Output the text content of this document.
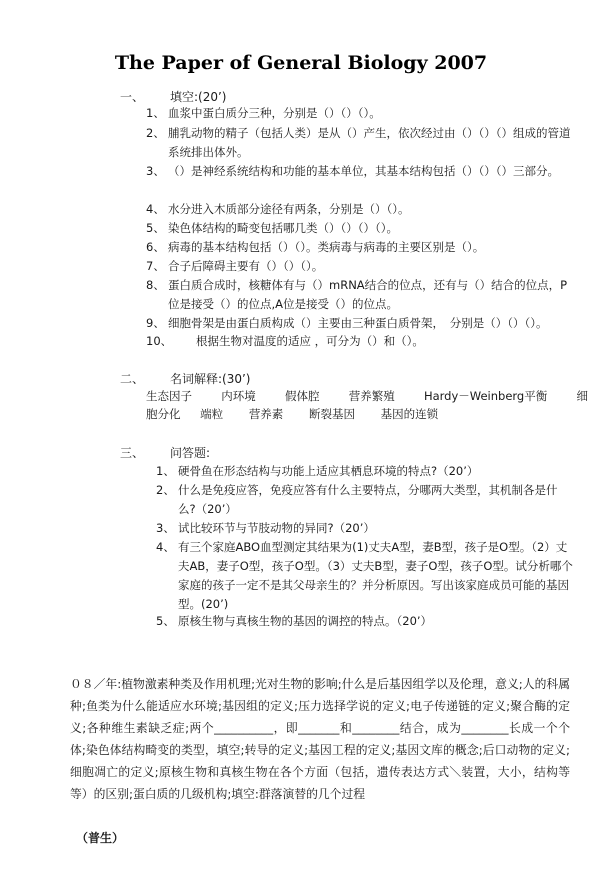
The Paper of General Biology 2007
一、 填空:(20’)
1、 血浆中蛋白质分三种，分别是（）（）（）。
2、 脯乳动物的精子（包括人类）是从（）产生，依次经过由（）（）（）组成的管道系统排出体外。
3、 （）是神经系统结构和功能的基本单位，其基本结构包括（）（）（）三部分。
4、 水分进入木质部分途径有两条，分别是（）（）。
5、 染色体结构的畸变包括哪几类（）（）（）（）。
6、 病毒的基本结构包括（）（）。类病毒与病毒的主要区别是（）。
7、 合子后障碍主要有（）（）（）。
8、 蛋白质合成时，核糖体有与（）mRNA结合的位点，还有与（）结合的位点，P位是接受（）的位点,A位是接受（）的位点。
9、 细胞骨架是由蛋白质构成（）主要由三种蛋白质骨架，　分别是（）（）（）。
10、 根据生物对温度的适应 ，可分为（）和（）。
二、 名词解释:(30’)
生态因子	内环境	假体腔	营养繁殖	Hardy－Weinberg平衡	细
胞分化 端粒 营养素 断裂基因 基因的连锁
三、 问答题:
1、 硬骨鱼在形态结构与功能上适应其栖息环境的特点?（20’）
2、 什么是免疫应答，免疫应答有什么主要特点，分哪两大类型，其机制各是什么?（20’）
3、 试比较环节与节肢动物的异同?（20’）
4、 有三个家庭ABO血型测定其结果为(1)丈夫A型，妻B型，孩子是O型。（2）丈夫AB，妻子O型，孩子O型。（3）丈夫B型，妻子O型，孩子O型。试分析哪个家庭的孩子一定不是其父母亲生的？并分析原因。写出该家庭成员可能的基因型。(20’)
5、 原核生物与真核生物的基因的调控的特点。（20’）
０８／年:植物激素种类及作用机理;光对生物的影响;什么是后基因组学以及伦理，意义;人的科属种;鱼类为什么能适应水环境;基因组的定义;压力选择学说的定义;电子传递链的定义;聚合酶的定义;各种维生素缺乏症;两个__________，即_______和________结合，成为________长成一个个体;染色体结构畸变的类型，填空;转导的定义;基因工程的定义;基因文库的概念;后口动物的定义;细胞凋亡的定义;原核生物和真核生物在各个方面（包括，遗传表达方式＼装置，大小，结构等等）的区别;蛋白质的几级机构;填空:群落演替的几个过程
（普生）
